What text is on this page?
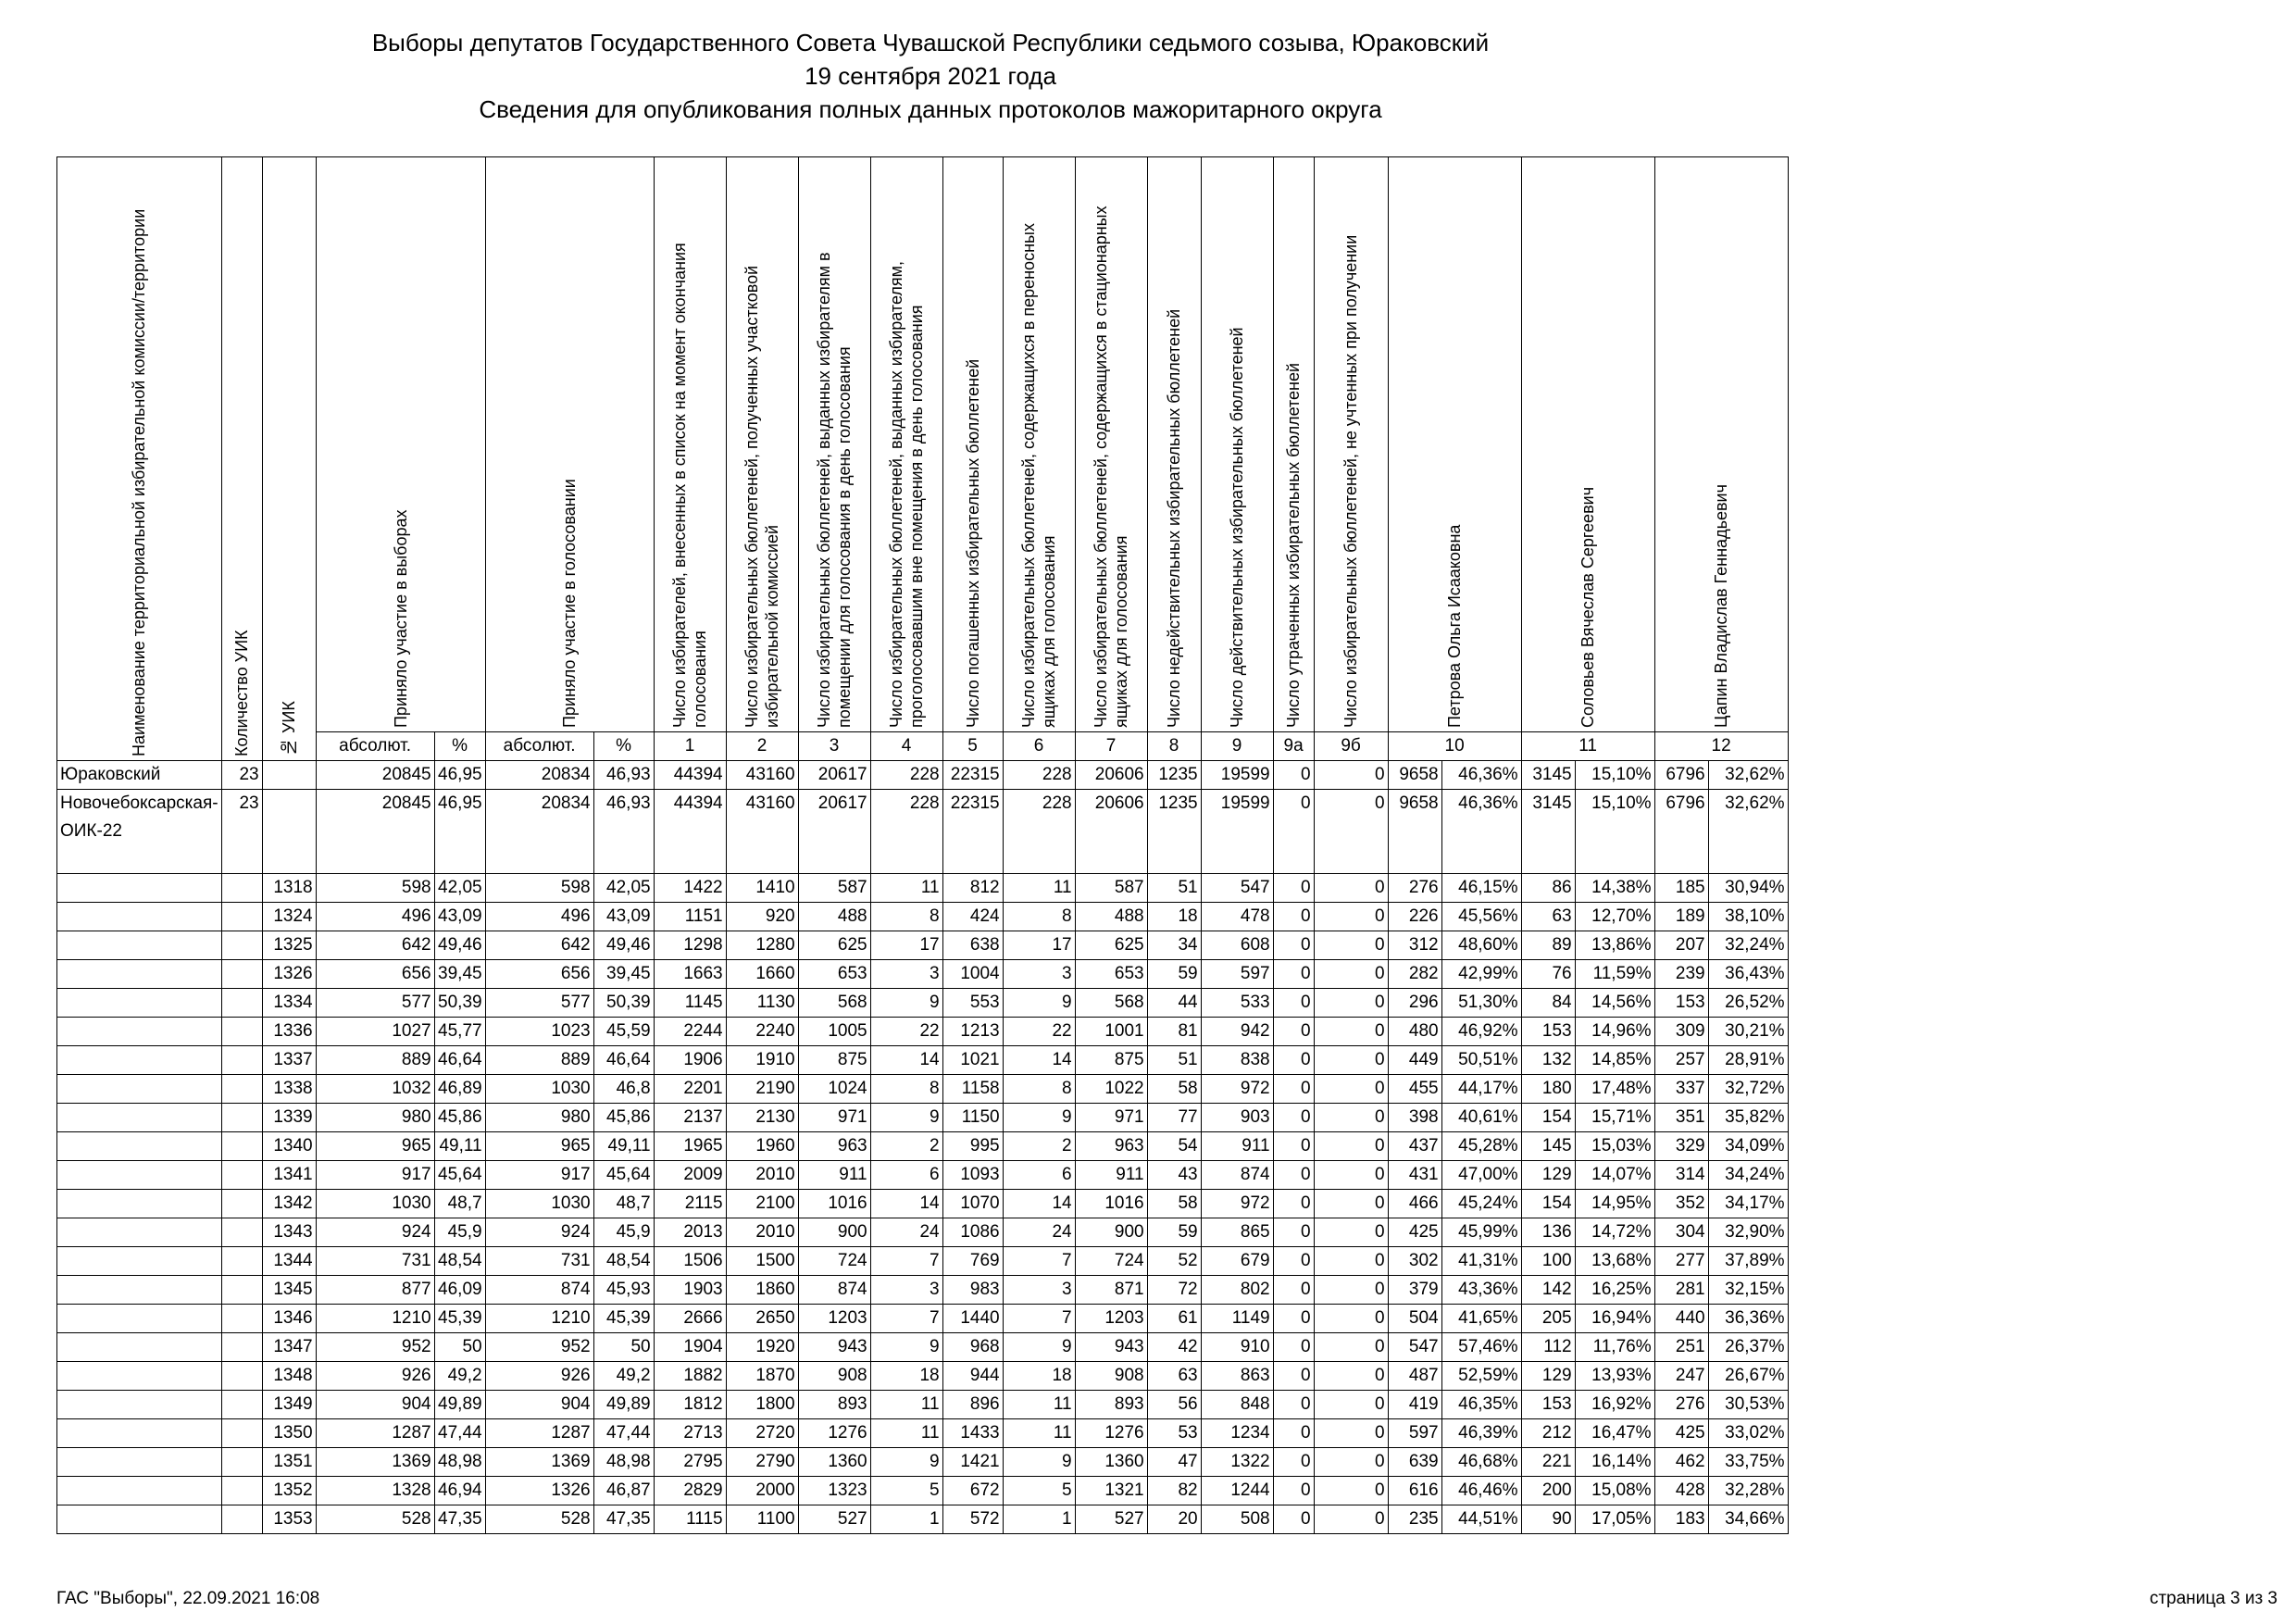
Выборы депутатов Государственного Совета Чувашской Республики седьмого созыва, Юраковский
19 сентября 2021 года
Сведения для опубликования полных данных протоколов мажоритарного округа
Наименование территориальной избирательной комиссии/территории	Количество УИК	№ УИК	Приняло участие в выборах		Приняло участие в голосовании		Число избирателей, внесенных в список на момент окончания голосования	Число избирательных бюллетеней, полученных участковой избирательной комиссией	Число избирательных бюллетеней, выданных избирателям в помещении для голосования в день голосования	Число избирательных бюллетеней, выданных избирателям, проголосовавшим вне помещения в день голосования	Число погашенных избирательных бюллетеней	Число избирательных бюллетеней, содержащихся в переносных ящиках для голосования	Число избирательных бюллетеней, содержащихся в стационарных ящиках для голосования	Число недействительных избирательных бюллетеней	Число действительных избирательных бюллетеней	Число утраченных избирательных бюллетеней	Число избирательных бюллетеней, не учтенных при получении	Петрова Ольга Исааковна		Соловьев Вячеслав Сергеевич		Цапин Владислав Геннадьевич	

			абсолют.	%	абсолют.	%	1	2	3	4	5	6	7	8	9	9а	9б	10		11		12	
Юраковский	23		20845	46,95	20834	46,93	44394	43160	20617	228	22315	228	20606	1235	19599	0	0	9658	46,36%	3145	15,10%	6796	32,62%
Новочебоксарская-ОИК-22	23		20845	46,95	20834	46,93	44394	43160	20617	228	22315	228	20606	1235	19599	0	0	9658	46,36%	3145	15,10%	6796	32,62%
		1318	598	42,05	598	42,05	1422	1410	587	11	812	11	587	51	547	0	0	276	46,15%	86	14,38%	185	30,94%
		1324	496	43,09	496	43,09	1151	920	488	8	424	8	488	18	478	0	0	226	45,56%	63	12,70%	189	38,10%
		1325	642	49,46	642	49,46	1298	1280	625	17	638	17	625	34	608	0	0	312	48,60%	89	13,86%	207	32,24%
		1326	656	39,45	656	39,45	1663	1660	653	3	1004	3	653	59	597	0	0	282	42,99%	76	11,59%	239	36,43%
		1334	577	50,39	577	50,39	1145	1130	568	9	553	9	568	44	533	0	0	296	51,30%	84	14,56%	153	26,52%
		1336	1027	45,77	1023	45,59	2244	2240	1005	22	1213	22	1001	81	942	0	0	480	46,92%	153	14,96%	309	30,21%
		1337	889	46,64	889	46,64	1906	1910	875	14	1021	14	875	51	838	0	0	449	50,51%	132	14,85%	257	28,91%
		1338	1032	46,89	1030	46,8	2201	2190	1024	8	1158	8	1022	58	972	0	0	455	44,17%	180	17,48%	337	32,72%
		1339	980	45,86	980	45,86	2137	2130	971	9	1150	9	971	77	903	0	0	398	40,61%	154	15,71%	351	35,82%
		1340	965	49,11	965	49,11	1965	1960	963	2	995	2	963	54	911	0	0	437	45,28%	145	15,03%	329	34,09%
		1341	917	45,64	917	45,64	2009	2010	911	6	1093	6	911	43	874	0	0	431	47,00%	129	14,07%	314	34,24%
		1342	1030	48,7	1030	48,7	2115	2100	1016	14	1070	14	1016	58	972	0	0	466	45,24%	154	14,95%	352	34,17%
		1343	924	45,9	924	45,9	2013	2010	900	24	1086	24	900	59	865	0	0	425	45,99%	136	14,72%	304	32,90%
		1344	731	48,54	731	48,54	1506	1500	724	7	769	7	724	52	679	0	0	302	41,31%	100	13,68%	277	37,89%
		1345	877	46,09	874	45,93	1903	1860	874	3	983	3	871	72	802	0	0	379	43,36%	142	16,25%	281	32,15%
		1346	1210	45,39	1210	45,39	2666	2650	1203	7	1440	7	1203	61	1149	0	0	504	41,65%	205	16,94%	440	36,36%
		1347	952	50	952	50	1904	1920	943	9	968	9	943	42	910	0	0	547	57,46%	112	11,76%	251	26,37%
		1348	926	49,2	926	49,2	1882	1870	908	18	944	18	908	63	863	0	0	487	52,59%	129	13,93%	247	26,67%
		1349	904	49,89	904	49,89	1812	1800	893	11	896	11	893	56	848	0	0	419	46,35%	153	16,92%	276	30,53%
		1350	1287	47,44	1287	47,44	2713	2720	1276	11	1433	11	1276	53	1234	0	0	597	46,39%	212	16,47%	425	33,02%
		1351	1369	48,98	1369	48,98	2795	2790	1360	9	1421	9	1360	47	1322	0	0	639	46,68%	221	16,14%	462	33,75%
		1352	1328	46,94	1326	46,87	2829	2000	1323	5	672	5	1321	82	1244	0	0	616	46,46%	200	15,08%	428	32,28%
		1353	528	47,35	528	47,35	1115	1100	527	1	572	1	527	20	508	0	0	235	44,51%	90	17,05%	183	34,66%
ГАС "Выборы", 22.09.2021 16:08	страница 3 из 3
